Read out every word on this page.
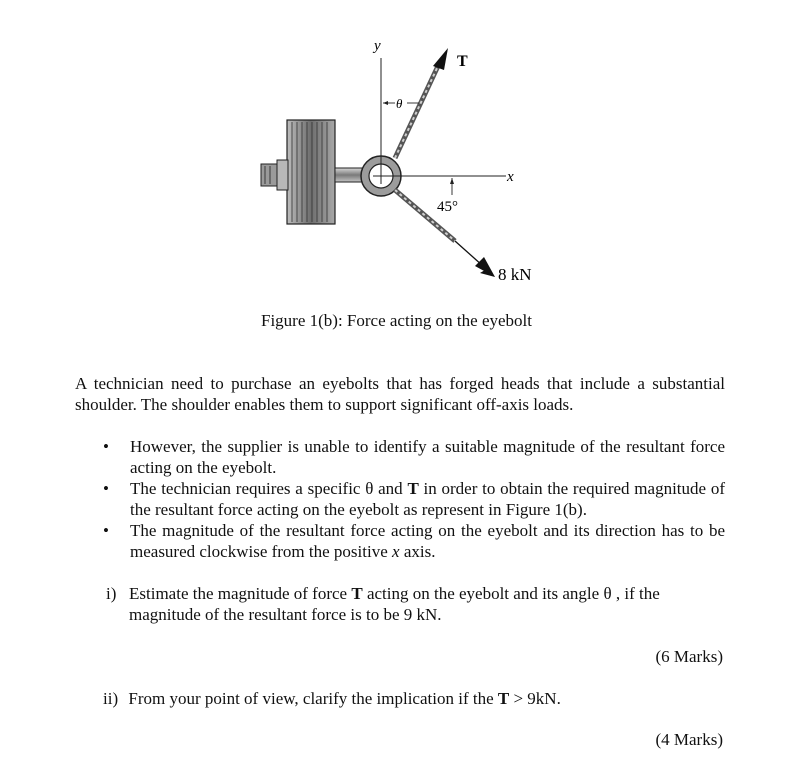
y
x
T
θ
45°
8 kN
Figure 1(b): Force acting on the eyebolt

A technician need to purchase an eyebolts that has forged heads that include a substantial shoulder. The shoulder enables them to support significant off-axis loads.

• However, the supplier is unable to identify a suitable magnitude of the resultant force acting on the eyebolt.
• The technician requires a specific θ and T in order to obtain the required magnitude of the resultant force acting on the eyebolt as represent in Figure 1(b).
• The magnitude of the resultant force acting on the eyebolt and its direction has to be measured clockwise from the positive x axis.
i) Estimate the magnitude of force T acting on the eyebolt and its angle θ , if the magnitude of the resultant force is to be 9 kN.
(6 Marks)
ii) From your point of view, clarify the implication if the T > 9kN.
(4 Marks)
